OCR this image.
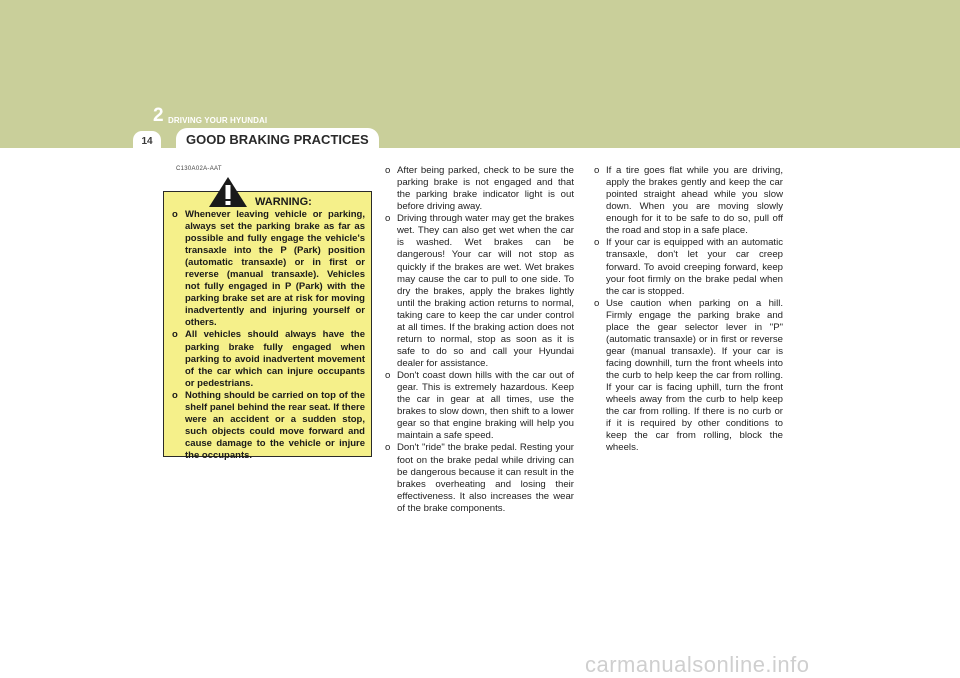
14
2 DRIVING YOUR HYUNDAI
GOOD BRAKING PRACTICES
C130A02A-AAT
WARNING:
o Whenever leaving vehicle or parking, always set the parking brake as far as possible and fully engage the vehicle's transaxle into the P (Park) position (automatic transaxle) or in first or reverse (manual transaxle). Vehicles not fully engaged in P (Park) with the parking brake set are at risk for moving inadvertently and injuring yourself or others.
o All vehicles should always have the parking brake fully engaged when parking to avoid inadvertent movement of the car which can injure occupants or pedestrians.
o Nothing should be carried on top of the shelf panel behind the rear seat. If there were an accident or a sudden stop, such objects could move forward and cause damage to the vehicle or injure the occupants.
o After being parked, check to be sure the parking brake is not engaged and that the parking brake indicator light is out before driving away.
o Driving through water may get the brakes wet. They can also get wet when the car is washed. Wet brakes can be dangerous! Your car will not stop as quickly if the brakes are wet. Wet brakes may cause the car to pull to one side. To dry the brakes, apply the brakes lightly until the braking action returns to normal, taking care to keep the car under control at all times. If the braking action does not return to normal, stop as soon as it is safe to do so and call your Hyundai dealer for assistance.
o Don't coast down hills with the car out of gear. This is extremely hazardous. Keep the car in gear at all times, use the brakes to slow down, then shift to a lower gear so that engine braking will help you maintain a safe speed.
o Don't "ride" the brake pedal. Resting your foot on the brake pedal while driving can be dangerous because it can result in the brakes overheating and losing their effectiveness. It also increases the wear of the brake components.
o If a tire goes flat while you are driving, apply the brakes gently and keep the car pointed straight ahead while you slow down. When you are moving slowly enough for it to be safe to do so, pull off the road and stop in a safe place.
o If your car is equipped with an automatic transaxle, don't let your car creep forward. To avoid creeping forward, keep your foot firmly on the brake pedal when the car is stopped.
o Use caution when parking on a hill. Firmly engage the parking brake and place the gear selector lever in "P" (automatic transaxle) or in first or reverse gear (manual transaxle). If your car is facing downhill, turn the front wheels into the curb to help keep the car from rolling. If your car is facing uphill, turn the front wheels away from the curb to help keep the car from rolling. If there is no curb or if it is required by other conditions to keep the car from rolling, block the wheels.
carmanualsonline.info
